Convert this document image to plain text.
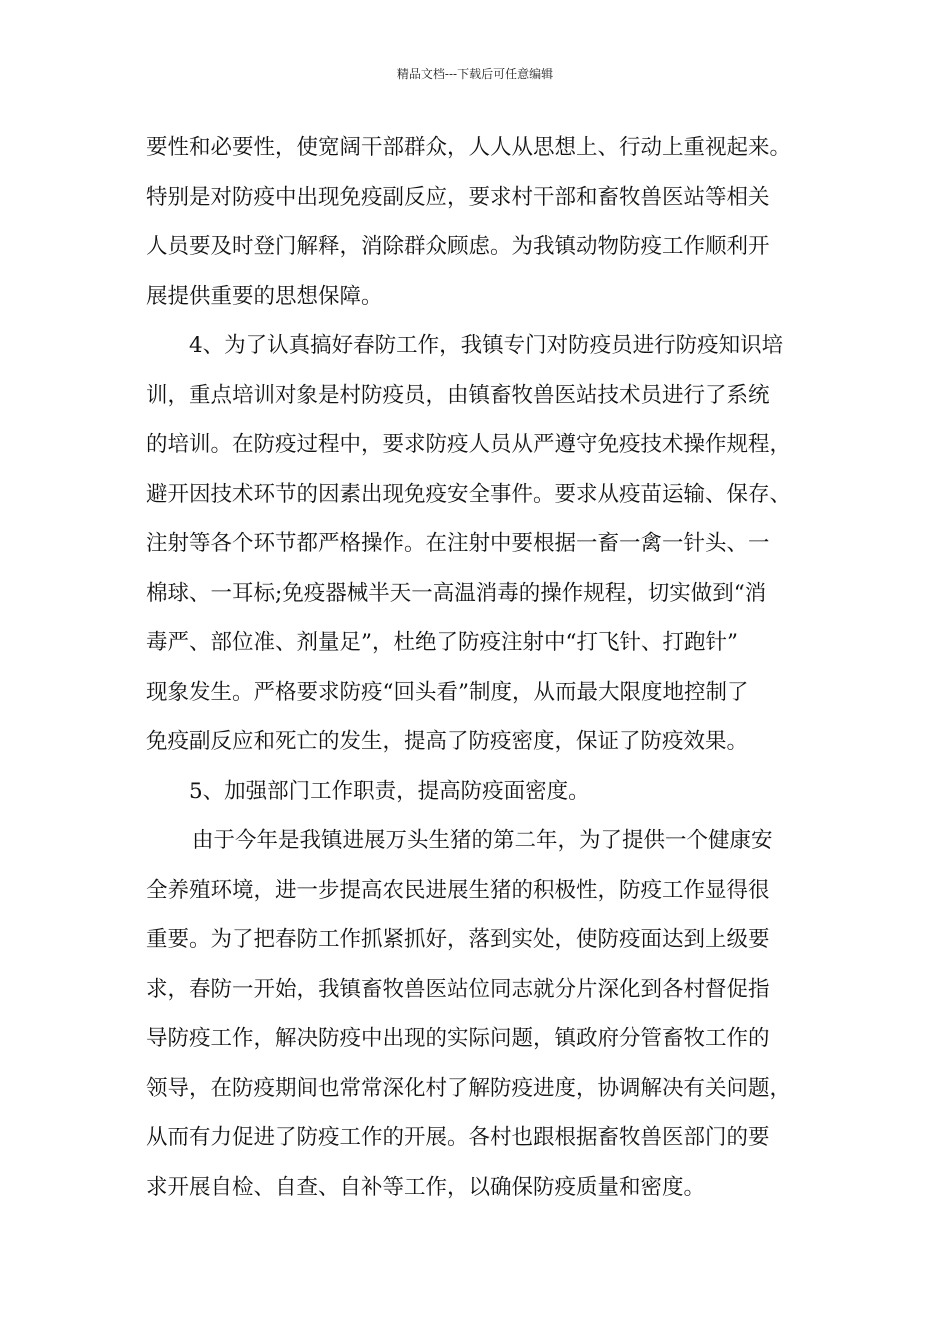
精品文档---下载后可任意编辑
要性和必要性，使宽阔干部群众，人人从思想上、行动上重视起来。
特别是对防疫中出现免疫副反应，要求村干部和畜牧兽医站等相关
人员要及时登门解释，消除群众顾虑。为我镇动物防疫工作顺利开
展提供重要的思想保障。
4、为了认真搞好春防工作，我镇专门对防疫员进行防疫知识培
训，重点培训对象是村防疫员，由镇畜牧兽医站技术员进行了系统
的培训。在防疫过程中，要求防疫人员从严遵守免疫技术操作规程，
避开因技术环节的因素出现免疫安全事件。要求从疫苗运输、保存、
注射等各个环节都严格操作。在注射中要根据一畜一禽一针头、一
棉球、一耳标;免疫器械半天一高温消毒的操作规程，切实做到“消
毒严、部位准、剂量足”，杜绝了防疫注射中“打飞针、打跑针”
现象发生。严格要求防疫“回头看”制度，从而最大限度地控制了
免疫副反应和死亡的发生，提高了防疫密度，保证了防疫效果。
5、加强部门工作职责，提高防疫面密度。
由于今年是我镇进展万头生猪的第二年，为了提供一个健康安
全养殖环境，进一步提高农民进展生猪的积极性，防疫工作显得很
重要。为了把春防工作抓紧抓好，落到实处，使防疫面达到上级要
求，春防一开始，我镇畜牧兽医站位同志就分片深化到各村督促指
导防疫工作，解决防疫中出现的实际问题，镇政府分管畜牧工作的
领导，在防疫期间也常常深化村了解防疫进度，协调解决有关问题，
从而有力促进了防疫工作的开展。各村也跟根据畜牧兽医部门的要
求开展自检、自查、自补等工作，以确保防疫质量和密度。
